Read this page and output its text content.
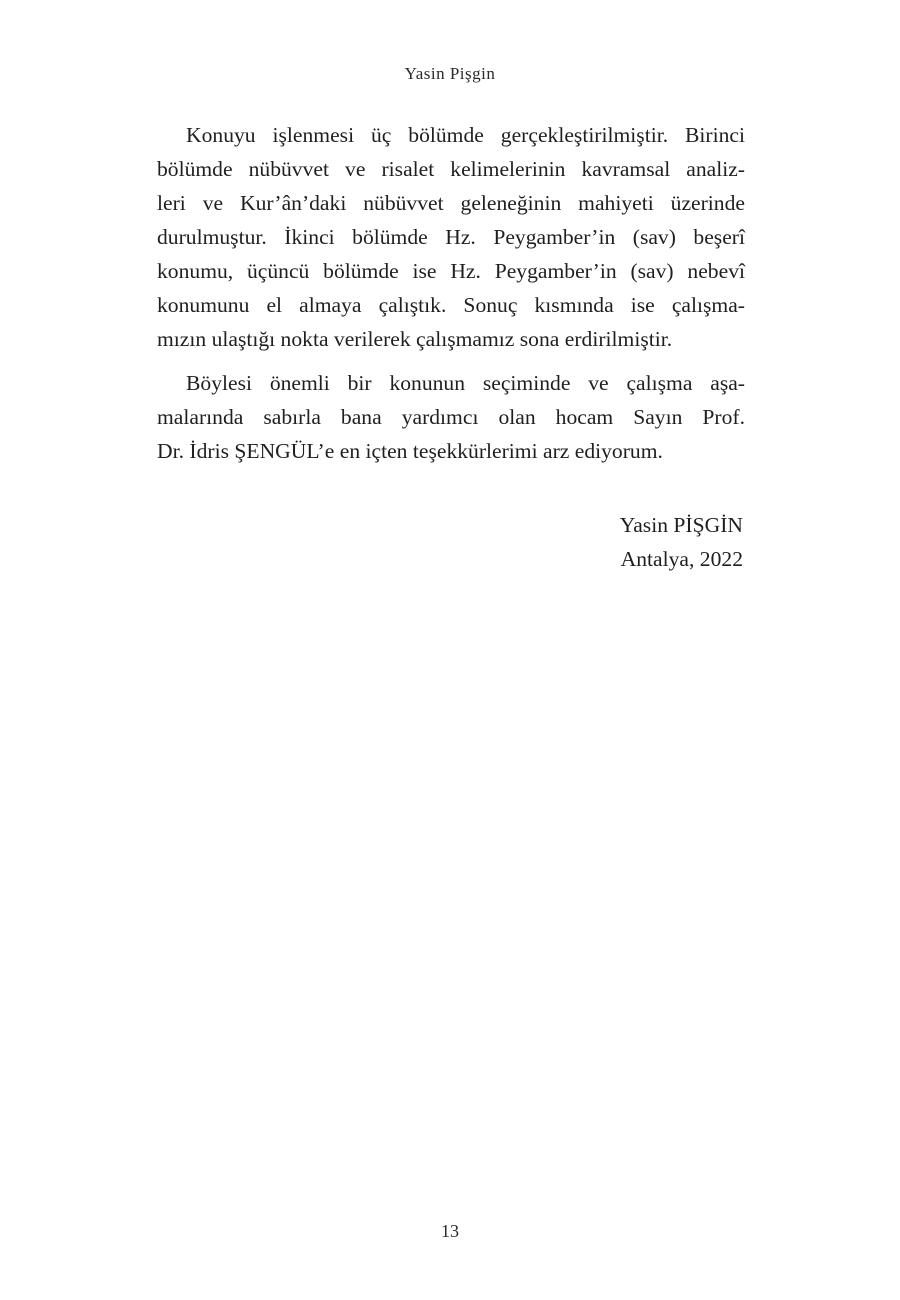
Yasin Pişgin

Konuyu işlenmesi üç bölümde gerçekleştirilmiştir. Birinci
bölümde nübüvvet ve risalet kelimelerinin kavramsal analiz-
leri ve Kur’ân’daki nübüvvet geleneğinin mahiyeti üzerinde
durulmuştur. İkinci bölümde Hz. Peygamber’in (sav) beşerî
konumu, üçüncü bölümde ise Hz. Peygamber’in (sav) nebevî
konumunu el almaya çalıştık. Sonuç kısmında ise çalışma-
mızın ulaştığı nokta verilerek çalışmamız sona erdirilmiştir.

Böylesi önemli bir konunun seçiminde ve çalışma aşa-
malarında sabırla bana yardımcı olan hocam Sayın Prof.
Dr. İdris ŞENGÜL’e en içten teşekkürlerimi arz ediyorum.

Yasin PİŞGİN
Antalya, 2022
13
